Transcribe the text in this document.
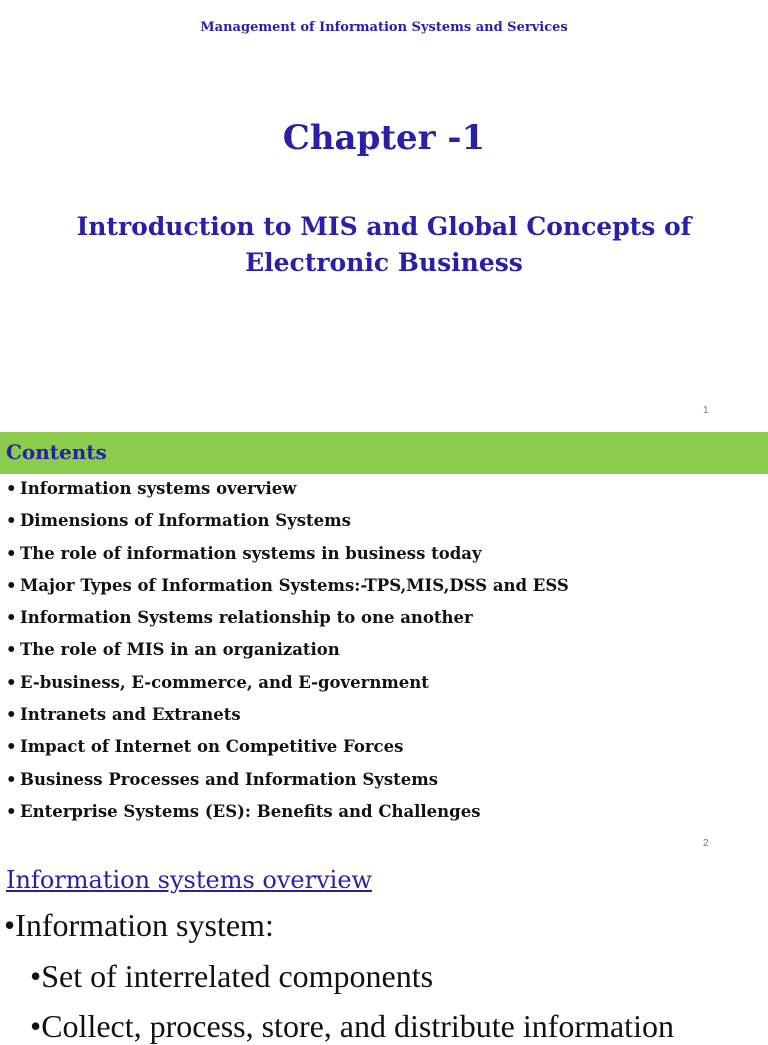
Management of Information Systems and Services
Chapter -1
Introduction to MIS and Global Concepts of Electronic Business
1
Contents
• Information systems overview
• Dimensions of Information Systems
• The role of information systems in business today
• Major Types of Information Systems:-TPS,MIS,DSS and ESS
• Information Systems relationship to one another
• The role of MIS in an organization
• E-business, E-commerce, and E-government
• Intranets and Extranets
• Impact of Internet on Competitive Forces
• Business Processes and Information Systems
• Enterprise Systems (ES): Benefits and Challenges
2
Information systems overview
•Information system:
•Set of interrelated components
•Collect, process, store, and distribute information
